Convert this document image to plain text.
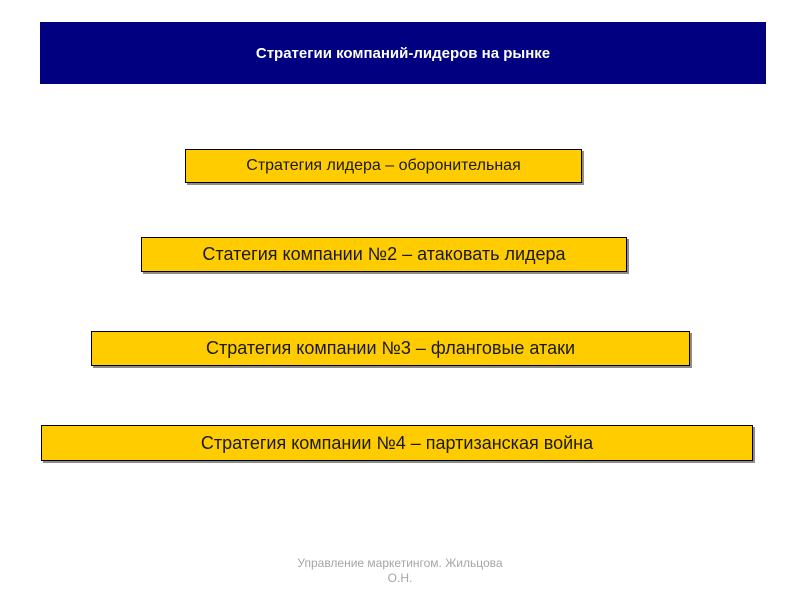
Стратегии компаний-лидеров на рынке
Стратегия лидера – оборонительная
Статегия компании №2 – атаковать лидера
Стратегия компании №3 – фланговые атаки
Стратегия компании №4 – партизанская война
Управление маркетингом. Жильцова
О.Н.
